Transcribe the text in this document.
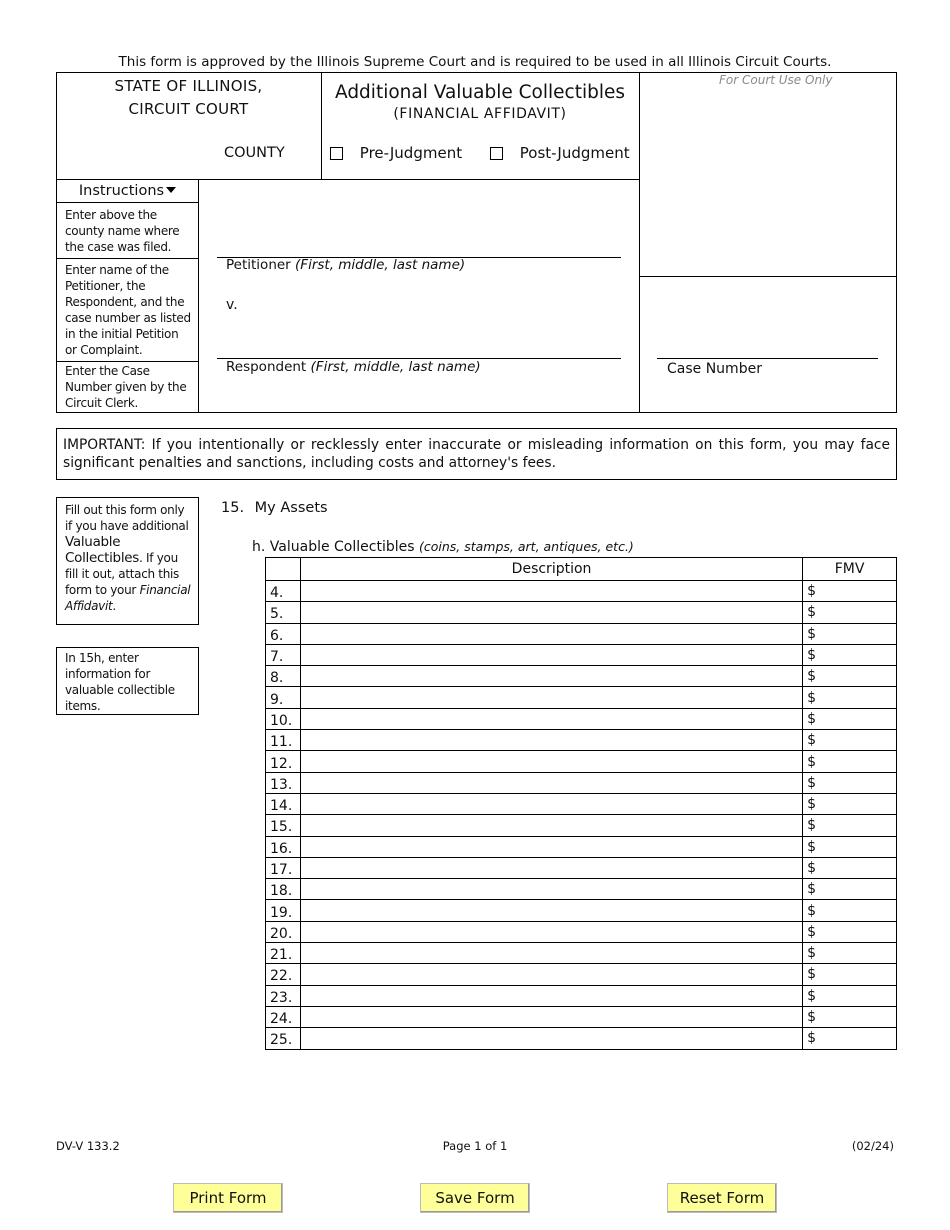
This form is approved by the Illinois Supreme Court and is required to be used in all Illinois Circuit Courts.
STATE OF ILLINOIS,
CIRCUIT COURT
COUNTY
Additional Valuable Collectibles
(FINANCIAL AFFIDAVIT)
Pre-Judgment	Post-Judgment
For Court Use Only
Instructions
Enter above the county name where the case was filed.
Enter name of the Petitioner, the Respondent, and the case number as listed in the initial Petition or Complaint.
Enter the Case Number given by the Circuit Clerk.
Petitioner (First, middle, last name)
v.
Respondent (First, middle, last name)	Case Number
IMPORTANT: If you intentionally or recklessly enter inaccurate or misleading information on this form, you may face significant penalties and sanctions, including costs and attorney's fees.
Fill out this form only if you have additional Valuable Collectibles. If you fill it out, attach this form to your Financial Affidavit.
In 15h, enter information for valuable collectible items.
15. My Assets
h. Valuable Collectibles (coins, stamps, art, antiques, etc.)
	Description	FMV
4.		$
5.		$
6.		$
7.		$
8.		$
9.		$
10.		$
11.		$
12.		$
13.		$
14.		$
15.		$
16.		$
17.		$
18.		$
19.		$
20.		$
21.		$
22.		$
23.		$
24.		$
25.		$
DV-V 133.2	Page 1 of 1	(02/24)
Print Form	Save Form	Reset Form
